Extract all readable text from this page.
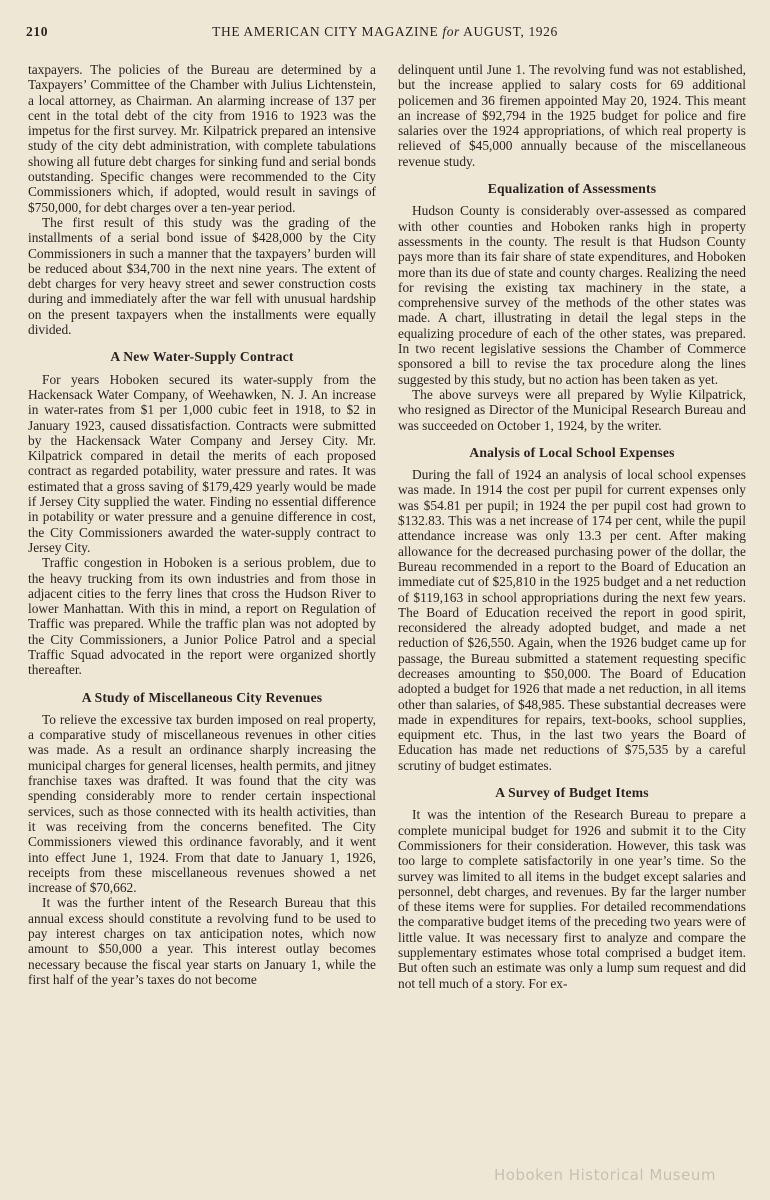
210	THE AMERICAN CITY MAGAZINE for AUGUST, 1926

taxpayers. The policies of the Bureau are determined by a Taxpayers’ Committee of the Chamber with Julius Lichtenstein, a local attorney, as Chairman. An alarming increase of 137 per cent in the total debt of the city from 1916 to 1923 was the impetus for the first survey. Mr. Kilpatrick prepared an intensive study of the city debt administration, with complete tabulations showing all future debt charges for sinking fund and serial bonds outstanding. Specific changes were recommended to the City Commissioners which, if adopted, would result in savings of $750,000, for debt charges over a ten-year period.

The first result of this study was the grading of the installments of a serial bond issue of $428,000 by the City Commissioners in such a manner that the taxpayers’ burden will be reduced about $34,700 in the next nine years. The extent of debt charges for very heavy street and sewer construction costs during and immediately after the war fell with unusual hardship on the present taxpayers when the installments were equally divided.

A New Water-Supply Contract

For years Hoboken secured its water-supply from the Hackensack Water Company, of Weehawken, N. J. An increase in water-rates from $1 per 1,000 cubic feet in 1918, to $2 in January 1923, caused dissatisfaction. Contracts were submitted by the Hackensack Water Company and Jersey City. Mr. Kilpatrick compared in detail the merits of each proposed contract as regarded potability, water pressure and rates. It was estimated that a gross saving of $179,429 yearly would be made if Jersey City supplied the water. Finding no essential difference in potability or water pressure and a genuine difference in cost, the City Commissioners awarded the water-supply contract to Jersey City.

Traffic congestion in Hoboken is a serious problem, due to the heavy trucking from its own industries and from those in adjacent cities to the ferry lines that cross the Hudson River to lower Manhattan. With this in mind, a report on Regulation of Traffic was prepared. While the traffic plan was not adopted by the City Commissioners, a Junior Police Patrol and a special Traffic Squad advocated in the report were organized shortly thereafter.

A Study of Miscellaneous City Revenues

To relieve the excessive tax burden imposed on real property, a comparative study of miscellaneous revenues in other cities was made. As a result an ordinance sharply increasing the municipal charges for general licenses, health permits, and jitney franchise taxes was drafted. It was found that the city was spending considerably more to render certain inspectional services, such as those connected with its health activities, than it was receiving from the concerns benefited. The City Commissioners viewed this ordinance favorably, and it went into effect June 1, 1924. From that date to January 1, 1926, receipts from these miscellaneous revenues showed a net increase of $70,662.

It was the further intent of the Research Bureau that this annual excess should constitute a revolving fund to be used to pay interest charges on tax anticipation notes, which now amount to $50,000 a year. This interest outlay becomes necessary because the fiscal year starts on January 1, while the first half of the year’s taxes do not become

delinquent until June 1. The revolving fund was not established, but the increase applied to salary costs for 69 additional policemen and 36 firemen appointed May 20, 1924. This meant an increase of $92,794 in the 1925 budget for police and fire salaries over the 1924 appropriations, of which real property is relieved of $45,000 annually because of the miscellaneous revenue study.

Equalization of Assessments

Hudson County is considerably over-assessed as compared with other counties and Hoboken ranks high in property assessments in the county. The result is that Hudson County pays more than its fair share of state expenditures, and Hoboken more than its due of state and county charges. Realizing the need for revising the existing tax machinery in the state, a comprehensive survey of the methods of the other states was made. A chart, illustrating in detail the legal steps in the equalizing procedure of each of the other states, was prepared. In two recent legislative sessions the Chamber of Commerce sponsored a bill to revise the tax procedure along the lines suggested by this study, but no action has been taken as yet.

The above surveys were all prepared by Wylie Kilpatrick, who resigned as Director of the Municipal Research Bureau and was succeeded on October 1, 1924, by the writer.

Analysis of Local School Expenses

During the fall of 1924 an analysis of local school expenses was made. In 1914 the cost per pupil for current expenses only was $54.81 per pupil; in 1924 the per pupil cost had grown to $132.83. This was a net increase of 174 per cent, while the pupil attendance increase was only 13.3 per cent. After making allowance for the decreased purchasing power of the dollar, the Bureau recommended in a report to the Board of Education an immediate cut of $25,810 in the 1925 budget and a net reduction of $119,163 in school appropriations during the next few years. The Board of Education received the report in good spirit, reconsidered the already adopted budget, and made a net reduction of $26,550. Again, when the 1926 budget came up for passage, the Bureau submitted a statement requesting specific decreases amounting to $50,000. The Board of Education adopted a budget for 1926 that made a net reduction, in all items other than salaries, of $48,985. These substantial decreases were made in expenditures for repairs, text-books, school supplies, equipment etc. Thus, in the last two years the Board of Education has made net reductions of $75,535 by a careful scrutiny of budget estimates.

A Survey of Budget Items

It was the intention of the Research Bureau to prepare a complete municipal budget for 1926 and submit it to the City Commissioners for their consideration. However, this task was too large to complete satisfactorily in one year’s time. So the survey was limited to all items in the budget except salaries and personnel, debt charges, and revenues. By far the larger number of these items were for supplies. For detailed recommendations the comparative budget items of the preceding two years were of little value. It was necessary first to analyze and compare the supplementary estimates whose total comprised a budget item. But often such an estimate was only a lump sum request and did not tell much of a story. For ex-

Hoboken Historical Museum
